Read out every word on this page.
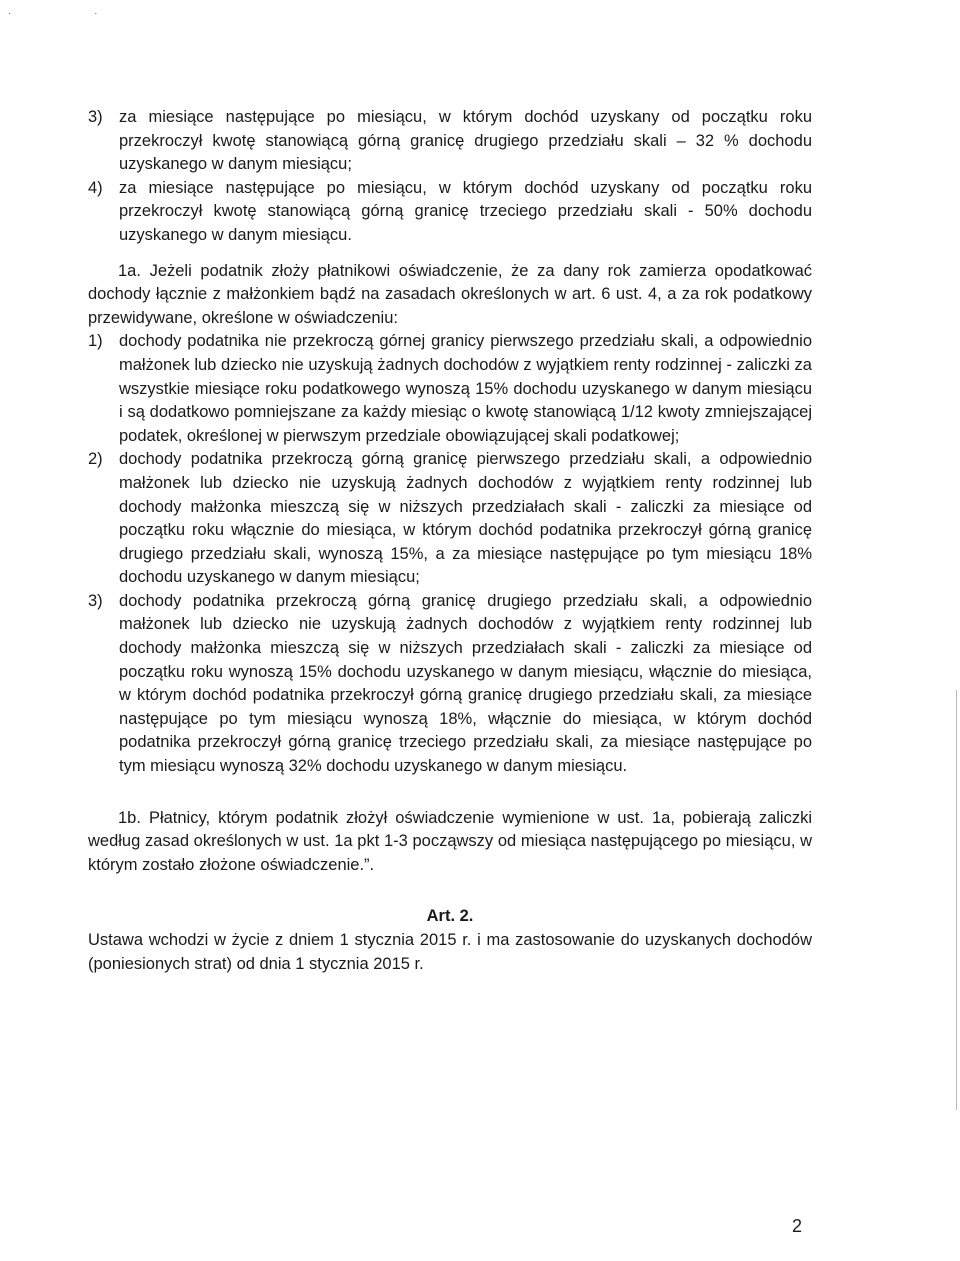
· ·
3) za miesiące następujące po miesiącu, w którym dochód uzyskany od początku roku przekroczył kwotę stanowiącą górną granicę drugiego przedziału skali – 32 % dochodu uzyskanego w danym miesiącu;
4) za miesiące następujące po miesiącu, w którym dochód uzyskany od początku roku przekroczył kwotę stanowiącą górną granicę trzeciego przedziału skali - 50% dochodu uzyskanego w danym miesiącu.

1a. Jeżeli podatnik złoży płatnikowi oświadczenie, że za dany rok zamierza opodatkować dochody łącznie z małżonkiem bądź na zasadach określonych w art. 6 ust. 4, a za rok podatkowy przewidywane, określone w oświadczeniu:

1) dochody podatnika nie przekroczą górnej granicy pierwszego przedziału skali, a odpowiednio małżonek lub dziecko nie uzyskują żadnych dochodów z wyjątkiem renty rodzinnej - zaliczki za wszystkie miesiące roku podatkowego wynoszą 15% dochodu uzyskanego w danym miesiącu i są dodatkowo pomniejszane za każdy miesiąc o kwotę stanowiącą 1/12 kwoty zmniejszającej podatek, określonej w pierwszym przedziale obowiązującej skali podatkowej;
2) dochody podatnika przekroczą górną granicę pierwszego przedziału skali, a odpowiednio małżonek lub dziecko nie uzyskują żadnych dochodów z wyjątkiem renty rodzinnej lub dochody małżonka mieszczą się w niższych przedziałach skali - zaliczki za miesiące od początku roku włącznie do miesiąca, w którym dochód podatnika przekroczył górną granicę drugiego przedziału skali, wynoszą 15%, a za miesiące następujące po tym miesiącu 18% dochodu uzyskanego w danym miesiącu;
3) dochody podatnika przekroczą górną granicę drugiego przedziału skali, a odpowiednio małżonek lub dziecko nie uzyskują żadnych dochodów z wyjątkiem renty rodzinnej lub dochody małżonka mieszczą się w niższych przedziałach skali - zaliczki za miesiące od początku roku wynoszą 15% dochodu uzyskanego w danym miesiącu, włącznie do miesiąca, w którym dochód podatnika przekroczył górną granicę drugiego przedziału skali, za miesiące następujące po tym miesiącu wynoszą 18%, włącznie do miesiąca, w którym dochód podatnika przekroczył górną granicę trzeciego przedziału skali, za miesiące następujące po tym miesiącu wynoszą 32% dochodu uzyskanego w danym miesiącu.

1b. Płatnicy, którym podatnik złożył oświadczenie wymienione w ust. 1a, pobierają zaliczki według zasad określonych w ust. 1a pkt 1-3 począwszy od miesiąca następującego po miesiącu, w którym zostało złożone oświadczenie.”.

Art. 2.

Ustawa wchodzi w życie z dniem 1 stycznia 2015 r. i ma zastosowanie do uzyskanych dochodów (poniesionych strat) od dnia 1 stycznia 2015 r.

2
